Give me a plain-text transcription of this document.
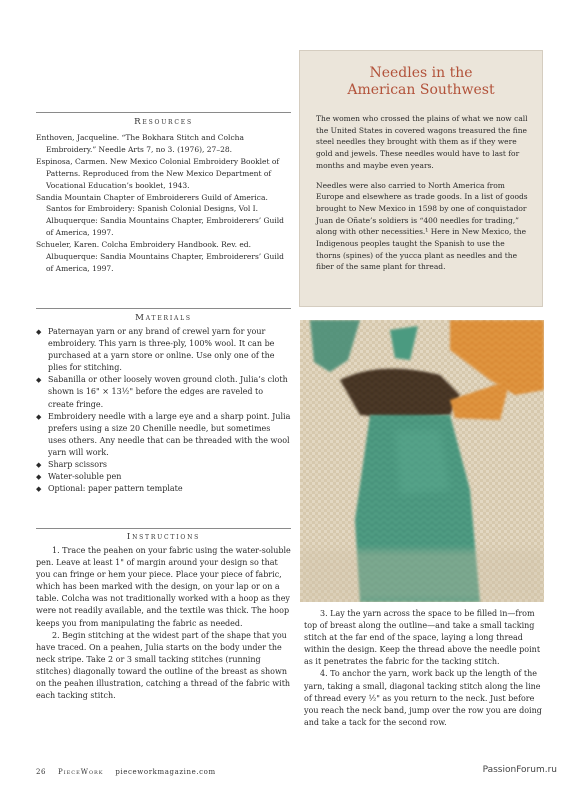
Resources
Enthoven, Jacqueline. “The Bokhara Stitch and Colcha Embroidery.” Needle Arts 7, no 3. (1976), 27–28.
Espinosa, Carmen. New Mexico Colonial Embroidery Booklet of Patterns. Reproduced from the New Mexico Department of Vocational Education’s booklet, 1943.
Sandia Mountain Chapter of Embroiderers Guild of America. Santos for Embroidery: Spanish Colonial Designs, Vol I. Albuquerque: Sandia Mountains Chapter, Embroiderers’ Guild of America, 1997.
Schueler, Karen. Colcha Embroidery Handbook. Rev. ed. Albuquerque: Sandia Mountains Chapter, Embroiderers’ Guild of America, 1997.
Materials
◆ Paternayan yarn or any brand of crewel yarn for your embroidery. This yarn is three-ply, 100% wool. It can be purchased at a yarn store or online. Use only one of the plies for stitching.
◆ Sabanilla or other loosely woven ground cloth. Julia’s cloth shown is 16" × 13½" before the edges are raveled to create fringe.
◆ Embroidery needle with a large eye and a sharp point. Julia prefers using a size 20 Chenille needle, but sometimes uses others. Any needle that can be threaded with the wool yarn will work.
◆ Sharp scissors
◆ Water-soluble pen
◆ Optional: paper pattern template
Instructions

1. Trace the peahen on your fabric using the water-soluble pen. Leave at least 1" of margin around your design so that you can fringe or hem your piece. Place your piece of fabric, which has been marked with the design, on your lap or on a table. Colcha was not traditionally worked with a hoop as they were not readily available, and the textile was thick. The hoop keeps you from manipulating the fabric as needed.

2. Begin stitching at the widest part of the shape that you have traced. On a peahen, Julia starts on the body under the neck stripe. Take 2 or 3 small tacking stitches (running stitches) diagonally toward the outline of the breast as shown on the peahen illustration, catching a thread of the fabric with each tacking stitch.

Needles in the
American Southwest

The women who crossed the plains of what we now call the United States in covered wagons treasured the fine steel needles they brought with them as if they were gold and jewels. These needles would have to last for months and maybe even years.

Needles were also carried to North America from Europe and elsewhere as trade goods. In a list of goods brought to New Mexico in 1598 by one of conquistador Juan de Oñate’s soldiers is “400 needles for trading,” along with other necessities.¹ Here in New Mexico, the Indigenous peoples taught the Spanish to use the thorns (spines) of the yucca plant as needles and the fiber of the same plant for thread.

3. Lay the yarn across the space to be filled in—from top of breast along the outline—and take a small tacking stitch at the far end of the space, laying a long thread within the design. Keep the thread above the needle point as it penetrates the fabric for the tacking stitch.

4. To anchor the yarn, work back up the length of the yarn, taking a small, diagonal tacking stitch along the line of thread every ½" as you return to the neck. Just before you reach the neck band, jump over the row you are doing and take a tack for the second row.

26 PieceWork pieceworkmagazine.com	PassionForum.ru
